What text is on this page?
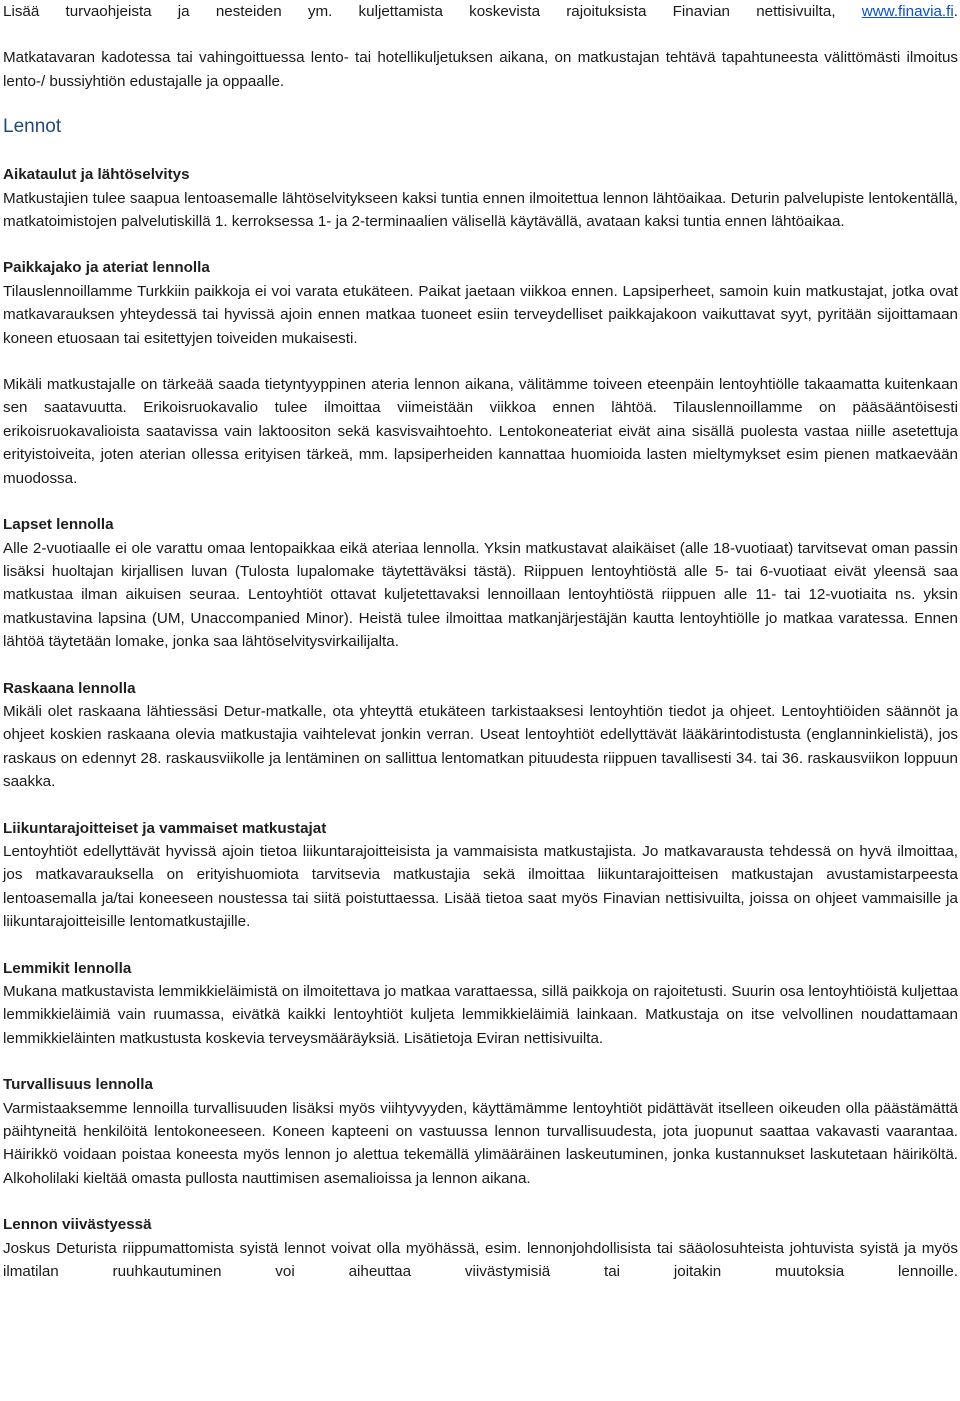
Lisää turvaohjeista ja nesteiden ym. kuljettamista koskevista rajoituksista Finavian nettisivuilta, www.finavia.fi.

Matkatavaran kadotessa tai vahingoittuessa lento- tai hotellikuljetuksen aikana, on matkustajan tehtävä tapahtuneesta välittömästi ilmoitus lento-/ bussiyhtiön edustajalle ja oppaalle.

Lennot

Aikataulut ja lähtöselvitys

Matkustajien tulee saapua lentoasemalle lähtöselvitykseen kaksi tuntia ennen ilmoitettua lennon lähtöaikaa. Deturin palvelupiste lentokentällä, matkatoimistojen palvelutiskillä 1. kerroksessa 1- ja 2-terminaalien välisellä käytävällä, avataan kaksi tuntia ennen lähtöaikaa.

Paikkajako ja ateriat lennolla

Tilauslennoillamme Turkkiin paikkoja ei voi varata etukäteen. Paikat jaetaan viikkoa ennen. Lapsiperheet, samoin kuin matkustajat, jotka ovat matkavarauksen yhteydessä tai hyvissä ajoin ennen matkaa tuoneet esiin terveydelliset paikkajakoon vaikuttavat syyt, pyritään sijoittamaan koneen etuosaan tai esitettyjen toiveiden mukaisesti.

Mikäli matkustajalle on tärkeää saada tietyntyyppinen ateria lennon aikana, välitämme toiveen eteenpäin lentoyhtiölle takaamatta kuitenkaan sen saatavuutta. Erikoisruokavalio tulee ilmoittaa viimeistään viikkoa ennen lähtöä. Tilauslennoillamme on pääsääntöisesti erikoisruokavalioista saatavissa vain laktoositon sekä kasvisvaihtoehto. Lentokoneateriat eivät aina sisällä puolesta vastaa niille asetettuja erityistoiveita, joten aterian ollessa erityisen tärkeä, mm. lapsiperheiden kannattaa huomioida lasten mieltymykset esim pienen matkaevään muodossa.

Lapset lennolla

Alle 2-vuotiaalle ei ole varattu omaa lentopaikkaa eikä ateriaa lennolla. Yksin matkustavat alaikäiset (alle 18-vuotiaat) tarvitsevat oman passin lisäksi huoltajan kirjallisen luvan (Tulosta lupalomake täytettäväksi tästä). Riippuen lentoyhtiöstä alle 5- tai 6-vuotiaat eivät yleensä saa matkustaa ilman aikuisen seuraa. Lentoyhtiöt ottavat kuljetettavaksi lennoillaan lentoyhtiöstä riippuen alle 11- tai 12-vuotiaita ns. yksin matkustavina lapsina (UM, Unaccompanied Minor). Heistä tulee ilmoittaa matkanjärjestäjän kautta lentoyhtiölle jo matkaa varatessa. Ennen lähtöä täytetään lomake, jonka saa lähtöselvitysvirkailijalta.

Raskaana lennolla

Mikäli olet raskaana lähtiessäsi Detur-matkalle, ota yhteyttä etukäteen tarkistaaksesi lentoyhtiön tiedot ja ohjeet. Lentoyhtiöiden säännöt ja ohjeet koskien raskaana olevia matkustajia vaihtelevat jonkin verran. Useat lentoyhtiöt edellyttävät lääkärintodistusta (englanninkielistä), jos raskaus on edennyt 28. raskausviikolle ja lentäminen on sallittua lentomatkan pituudesta riippuen tavallisesti 34. tai 36. raskausviikon loppuun saakka.

Liikuntarajoitteiset ja vammaiset matkustajat

Lentoyhtiöt edellyttävät hyvissä ajoin tietoa liikuntarajoitteisista ja vammaisista matkustajista. Jo matkavarausta tehdessä on hyvä ilmoittaa, jos matkavarauksella on erityishuomiota tarvitsevia matkustajia sekä ilmoittaa liikuntarajoitteisen matkustajan avustamistarpeesta lentoasemalla ja/tai koneeseen noustessa tai siitä poistuttaessa. Lisää tietoa saat myös Finavian nettisivuilta, joissa on ohjeet vammaisille ja liikuntarajoitteisille lentomatkustajille.

Lemmikit lennolla

Mukana matkustavista lemmikkieläimistä on ilmoitettava jo matkaa varattaessa, sillä paikkoja on rajoitetusti. Suurin osa lentoyhtiöistä kuljettaa lemmikkieläimiä vain ruumassa, eivätkä kaikki lentoyhtiöt kuljeta lemmikkieläimiä lainkaan. Matkustaja on itse velvollinen noudattamaan lemmikkieläinten matkustusta koskevia terveysmääräyksiä. Lisätietoja Eviran nettisivuilta.

Turvallisuus lennolla

Varmistaaksemme lennoilla turvallisuuden lisäksi myös viihtyvyyden, käyttämämme lentoyhtiöt pidättävät itselleen oikeuden olla päästämättä päihtyneitä henkilöitä lentokoneeseen. Koneen kapteeni on vastuussa lennon turvallisuudesta, jota juopunut saattaa vakavasti vaarantaa. Häirikkö voidaan poistaa koneesta myös lennon jo alettua tekemällä ylimääräinen laskeutuminen, jonka kustannukset laskutetaan häiriköltä. Alkoholilaki kieltää omasta pullosta nauttimisen asemalioissa ja lennon aikana.

Lennon viivästyessä

Joskus Deturista riippumattomista syistä lennot voivat olla myöhässä, esim. lennonjohdollisista tai sääolosuhteista johtuvista syistä ja myös ilmatilan ruuhkautuminen voi aiheuttaa viivästymisiä tai joitakin muutoksia lennoille.
